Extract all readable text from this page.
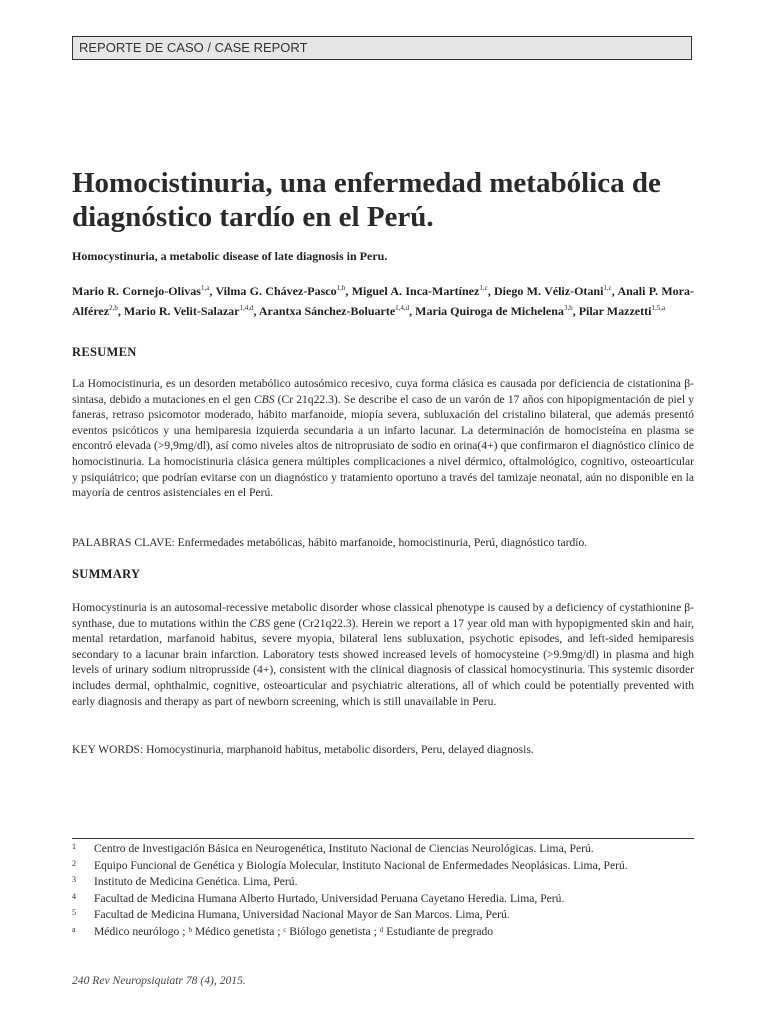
REPORTE DE CASO / CASE REPORT
Homocistinuria, una enfermedad metabólica de diagnóstico tardío en el Perú.

Homocystinuria, a metabolic disease of late diagnosis in Peru.

Mario R. Cornejo-Olivas$^{1,a}$, Vilma G. Chávez-Pasco$^{1,b}$, Miguel A. Inca-Martínez$^{1,c}$, Diego M. Véliz-Otani$^{1,c}$, Anali P. Mora-Alférez$^{2,b}$, Mario R. Velit-Salazar$^{1,4,d}$, Arantxa Sánchez-Boluarte$^{1,4,d}$, Maria Quiroga de Michelena$^{3,b}$, Pilar Mazzetti$^{1,5,a}$

RESUMEN

La Homocistinuria, es un desorden metabólico autosómico recesivo, cuya forma clásica es causada por deficiencia de cistationina β-sintasa, debido a mutaciones en el gen CBS (Cr 21q22.3). Se describe el caso de un varón de 17 años con hipopigmentación de piel y faneras, retraso psicomotor moderado, hábito marfanoide, miopía severa, subluxación del cristalino bilateral, que además presentó eventos psicóticos y una hemiparesia izquierda secundaria a un infarto lacunar. La determinación de homocisteína en plasma se encontró elevada (>9,9mg/dl), así como niveles altos de nitroprusiato de sodio en orina(4+) que confirmaron el diagnóstico clínico de homocistinuria. La homocistinuria clásica genera múltiples complicaciones a nivel dérmico, oftalmológico, cognitivo, osteoarticular y psiquiátrico; que podrían evitarse con un diagnóstico y tratamiento oportuno a través del tamizaje neonatal, aún no disponible en la mayoría de centros asistenciales en el Perú.

PALABRAS CLAVE: Enfermedades metabólicas, hábito marfanoide, homocistinuria, Perú, diagnóstico tardío.

SUMMARY

Homocystinuria is an autosomal-recessive metabolic disorder whose classical phenotype is caused by a deficiency of cystathionine β-synthase, due to mutations within the CBS gene (Cr21q22.3). Herein we report a 17 year old man with hypopigmented skin and hair, mental retardation, marfanoid habitus, severe myopia, bilateral lens subluxation, psychotic episodes, and left-sided hemiparesis secondary to a lacunar brain infarction. Laboratory tests showed increased levels of homocysteine (>9.9mg/dl) in plasma and high levels of urinary sodium nitroprusside (4+), consistent with the clinical diagnosis of classical homocystinuria. This systemic disorder includes dermal, ophthalmic, cognitive, osteoarticular and psychiatric alterations, all of which could be potentially prevented with early diagnosis and therapy as part of newborn screening, which is still unavailable in Peru.

KEY WORDS: Homocystinuria, marphanoid habitus, metabolic disorders, Peru, delayed diagnosis.

1	Centro de Investigación Básica en Neurogenética, Instituto Nacional de Ciencias Neurológicas. Lima, Perú.
2	Equipo Funcional de Genética y Biología Molecular, Instituto Nacional de Enfermedades Neoplásicas. Lima, Perú.
3	Instituto de Medicina Genética. Lima, Perú.
4	Facultad de Medicina Humana Alberto Hurtado, Universidad Peruana Cayetano Heredia. Lima, Perú.
5	Facultad de Medicina Humana, Universidad Nacional Mayor de San Marcos. Lima, Perú.
a	Médico neurólogo ; ᵇ Médico genetista ; ᶜ Biólogo genetista ; ᵈ Estudiante de pregrado

240 Rev Neuropsiquiatr 78 (4), 2015.
